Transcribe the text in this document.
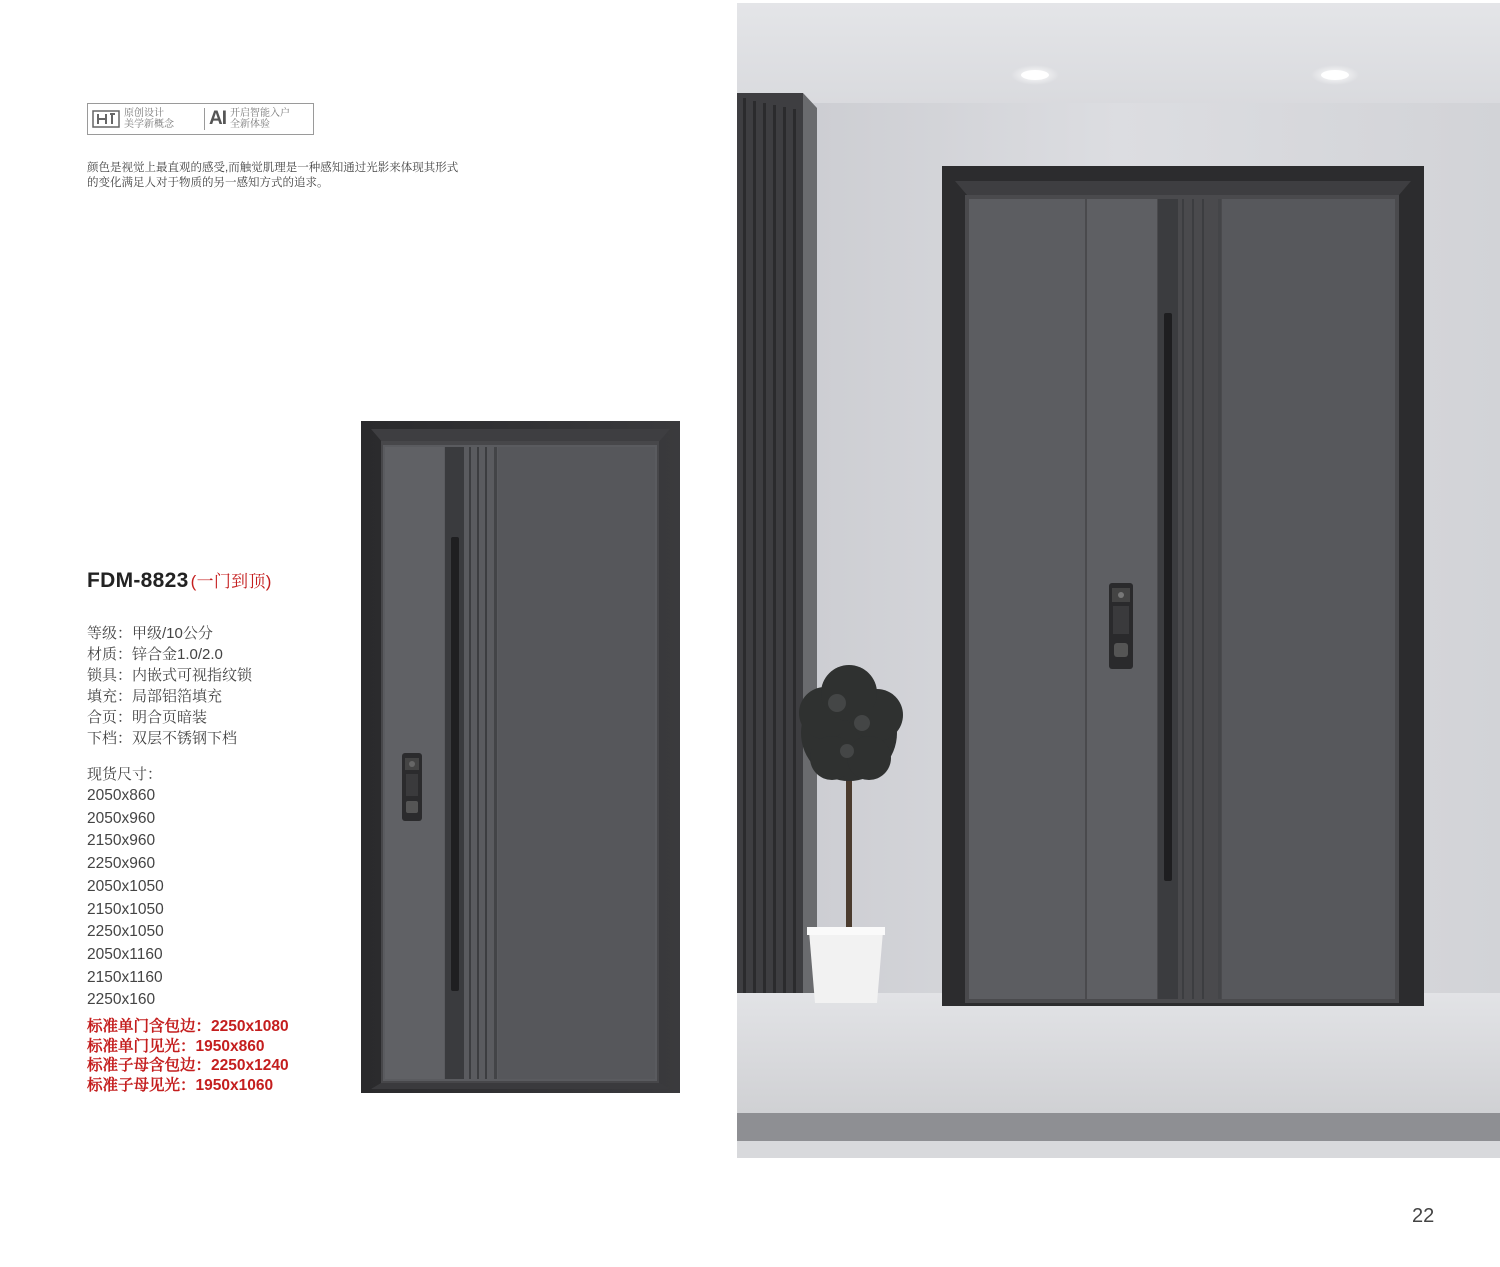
原创设计
美学新概念 AI 开启智能入户
全新体验
颜色是视觉上最直观的感受,而触觉肌理是一种感知通过光影来体现其形式
的变化满足人对于物质的另一感知方式的追求。
FDM-8823 (一门到顶)
等级：甲级/10公分
材质：锌合金1.0/2.0
锁具：内嵌式可视指纹锁
填充：局部铝箔填充
合页：明合页暗装
下档：双层不锈钢下档
现货尺寸：
2050x860
2050x960
2150x960
2250x960
2050x1050
2150x1050
2250x1050
2050x1160
2150x1160
2250x160
标准单门含包边：2250x1080
标准单门见光：1950x860
标准子母含包边：2250x1240
标准子母见光：1950x1060
22
